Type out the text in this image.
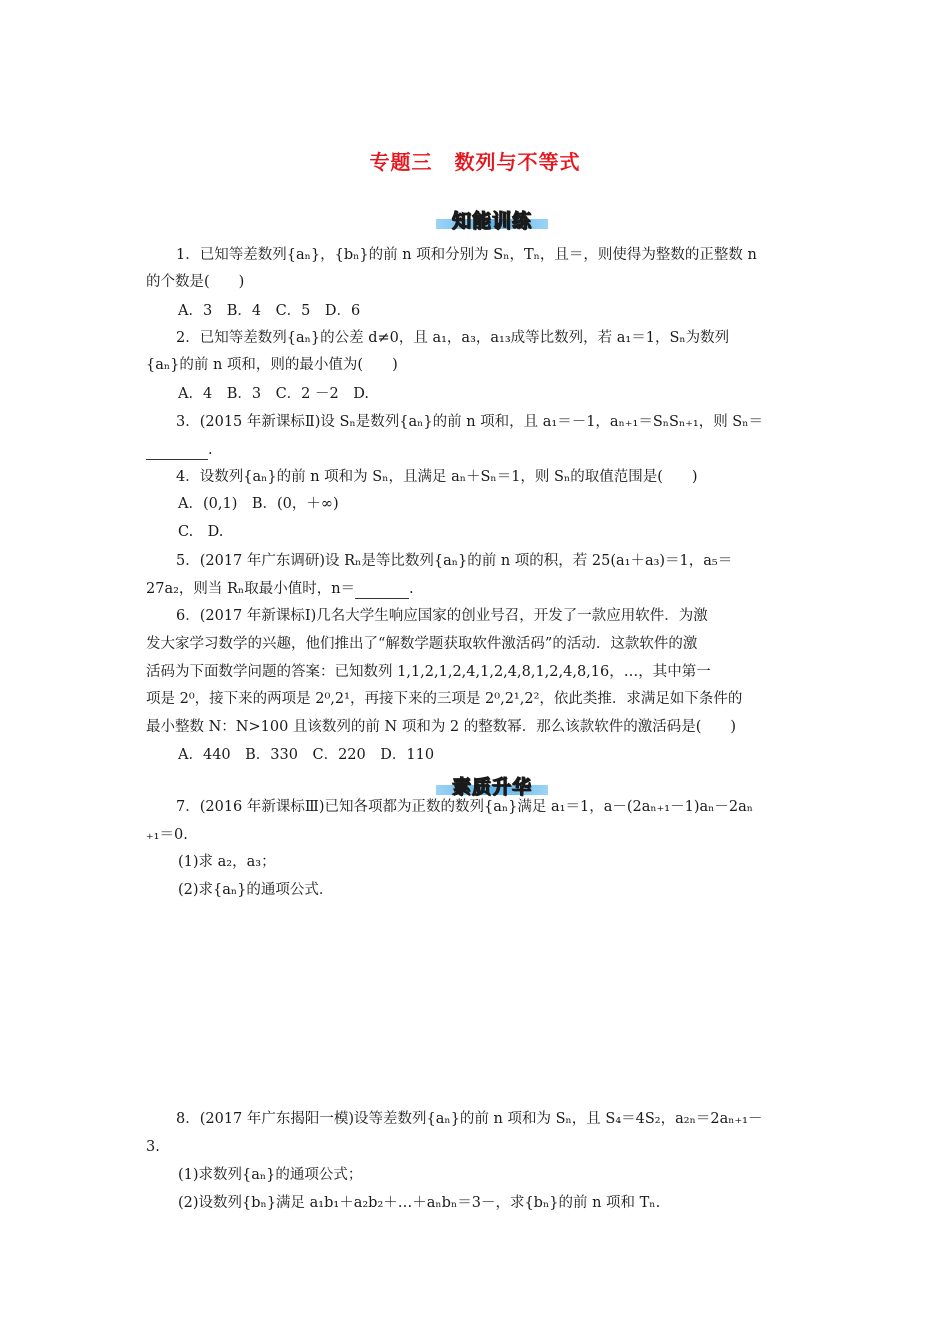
专题三 数列与不等式
知能训练
1．已知等差数列{aₙ}，{bₙ}的前 n 项和分别为 Sₙ，Tₙ，且＝，则使得为整数的正整数 n
的个数是(　　)
A．3　B．4　C．5　D．6
2．已知等差数列{aₙ}的公差 d≠0，且 a₁，a₃，a₁₃成等比数列，若 a₁＝1，Sₙ为数列
{aₙ}的前 n 项和，则的最小值为(　　)
A．4　B．3　C．2 －2　D.
3．(2015 年新课标Ⅱ)设 Sₙ是数列{aₙ}的前 n 项和，且 a₁＝－1，aₙ₊₁＝SₙSₙ₊₁，则 Sₙ＝
.
4．设数列{aₙ}的前 n 项和为 Sₙ，且满足 aₙ＋Sₙ＝1，则 Sₙ的取值范围是(　　)
A．(0,1)　B．(0，＋∞)
C.　D.
5．(2017 年广东调研)设 Rₙ是等比数列{aₙ}的前 n 项的积，若 25(a₁＋a₃)＝1，a₅＝
27a₂，则当 Rₙ取最小值时，n＝	.
6．(2017 年新课标Ⅰ)几名大学生响应国家的创业号召，开发了一款应用软件．为激
发大家学习数学的兴趣，他们推出了“解数学题获取软件激活码”的活动．这款软件的激
活码为下面数学问题的答案：已知数列 1,1,2,1,2,4,1,2,4,8,1,2,4,8,16，…，其中第一
项是 2⁰，接下来的两项是 2⁰,2¹，再接下来的三项是 2⁰,2¹,2²，依此类推．求满足如下条件的
最小整数 N：N>100 且该数列的前 N 项和为 2 的整数幂．那么该款软件的激活码是(　　)
A．440　B．330　C．220　D．110
素质升华
7．(2016 年新课标Ⅲ)已知各项都为正数的数列{aₙ}满足 a₁＝1，a－(2aₙ₊₁－1)aₙ－2aₙ
₊₁＝0.
(1)求 a₂，a₃；
(2)求{aₙ}的通项公式．
8．(2017 年广东揭阳一模)设等差数列{aₙ}的前 n 项和为 Sₙ，且 S₄＝4S₂，a₂ₙ＝2aₙ₊₁－
3.
(1)求数列{aₙ}的通项公式；
(2)设数列{bₙ}满足 a₁b₁＋a₂b₂＋…＋aₙbₙ＝3－，求{bₙ}的前 n 项和 Tₙ.
